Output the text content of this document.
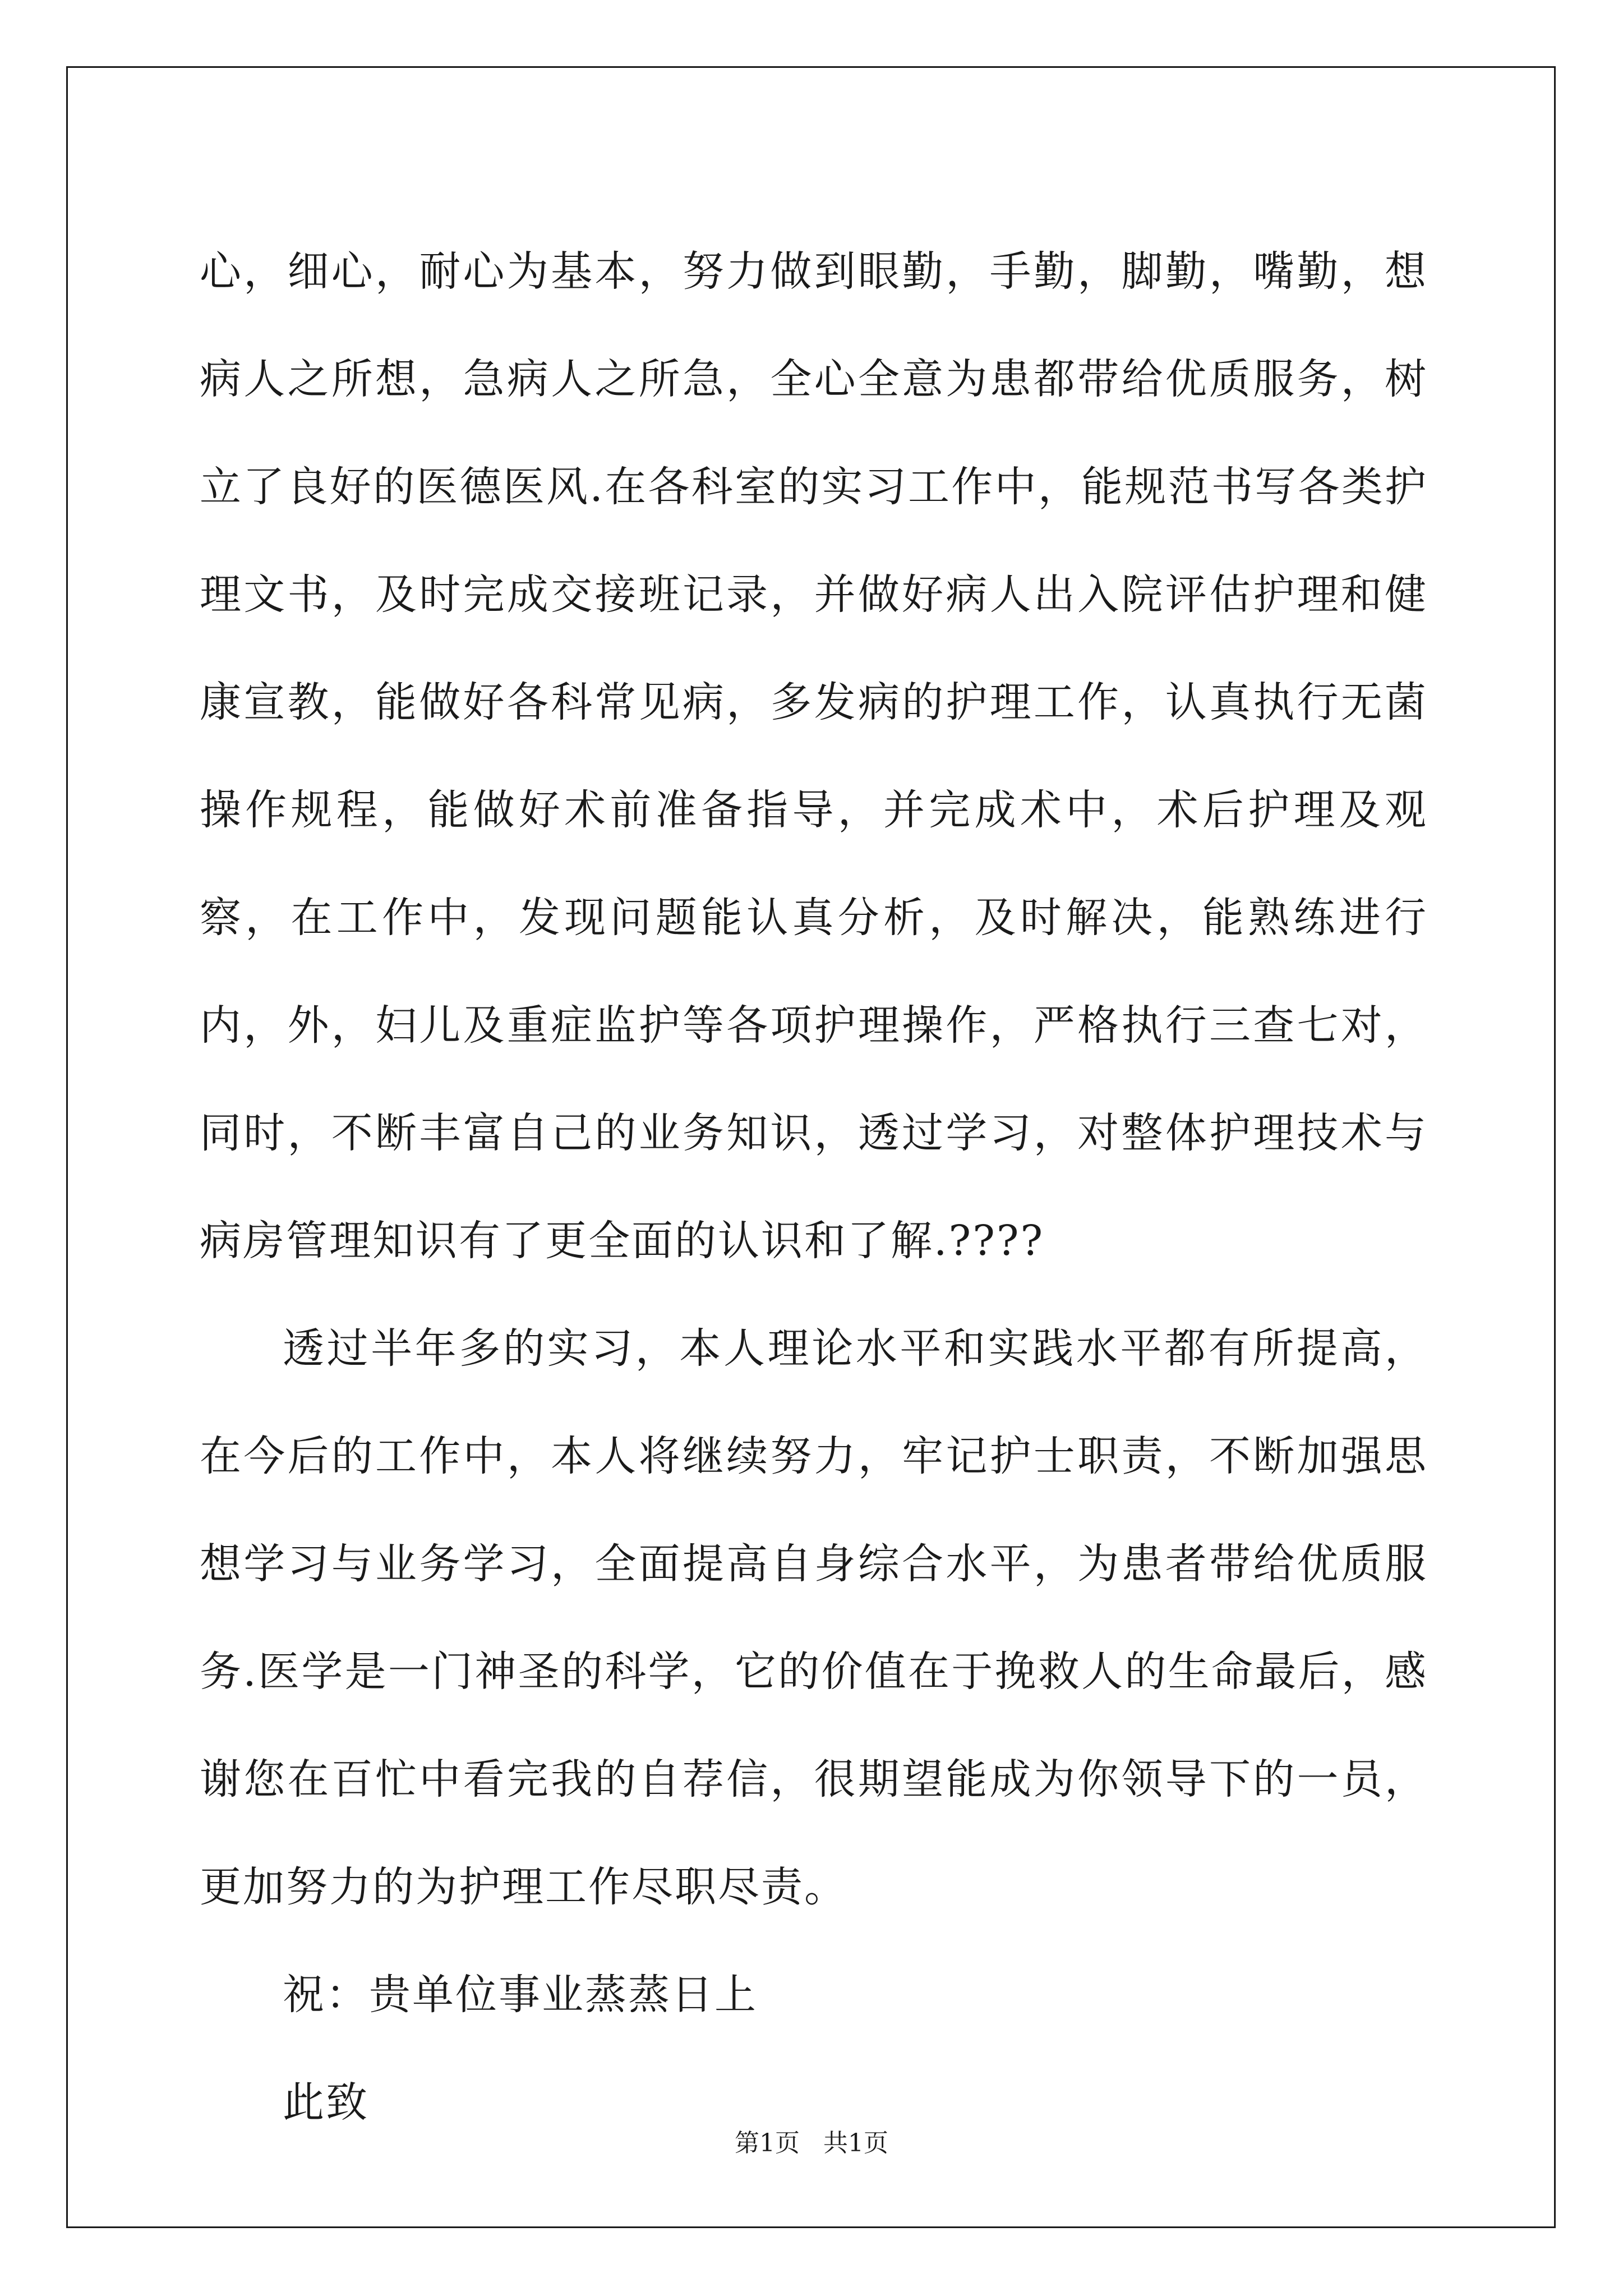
心，细心，耐心为基本，努力做到眼勤，手勤，脚勤，嘴勤，想病人之所想，急病人之所急，全心全意为患都带给优质服务，树立了良好的医德医风.在各科室的实习工作中，能规范书写各类护理文书，及时完成交接班记录，并做好病人出入院评估护理和健康宣教，能做好各科常见病，多发病的护理工作，认真执行无菌操作规程，能做好术前准备指导，并完成术中，术后护理及观察，在工作中，发现问题能认真分析，及时解决，能熟练进行内，外，妇儿及重症监护等各项护理操作，严格执行三查七对，同时，不断丰富自己的业务知识，透过学习，对整体护理技术与病房管理知识有了更全面的认识和了解.????

透过半年多的实习，本人理论水平和实践水平都有所提高，在今后的工作中，本人将继续努力，牢记护士职责，不断加强思想学习与业务学习，全面提高自身综合水平，为患者带给优质服务.医学是一门神圣的科学，它的价值在于挽救人的生命最后，感谢您在百忙中看完我的自荐信，很期望能成为你领导下的一员，更加努力的为护理工作尽职尽责。

祝：贵单位事业蒸蒸日上

此致

第1页 共1页
